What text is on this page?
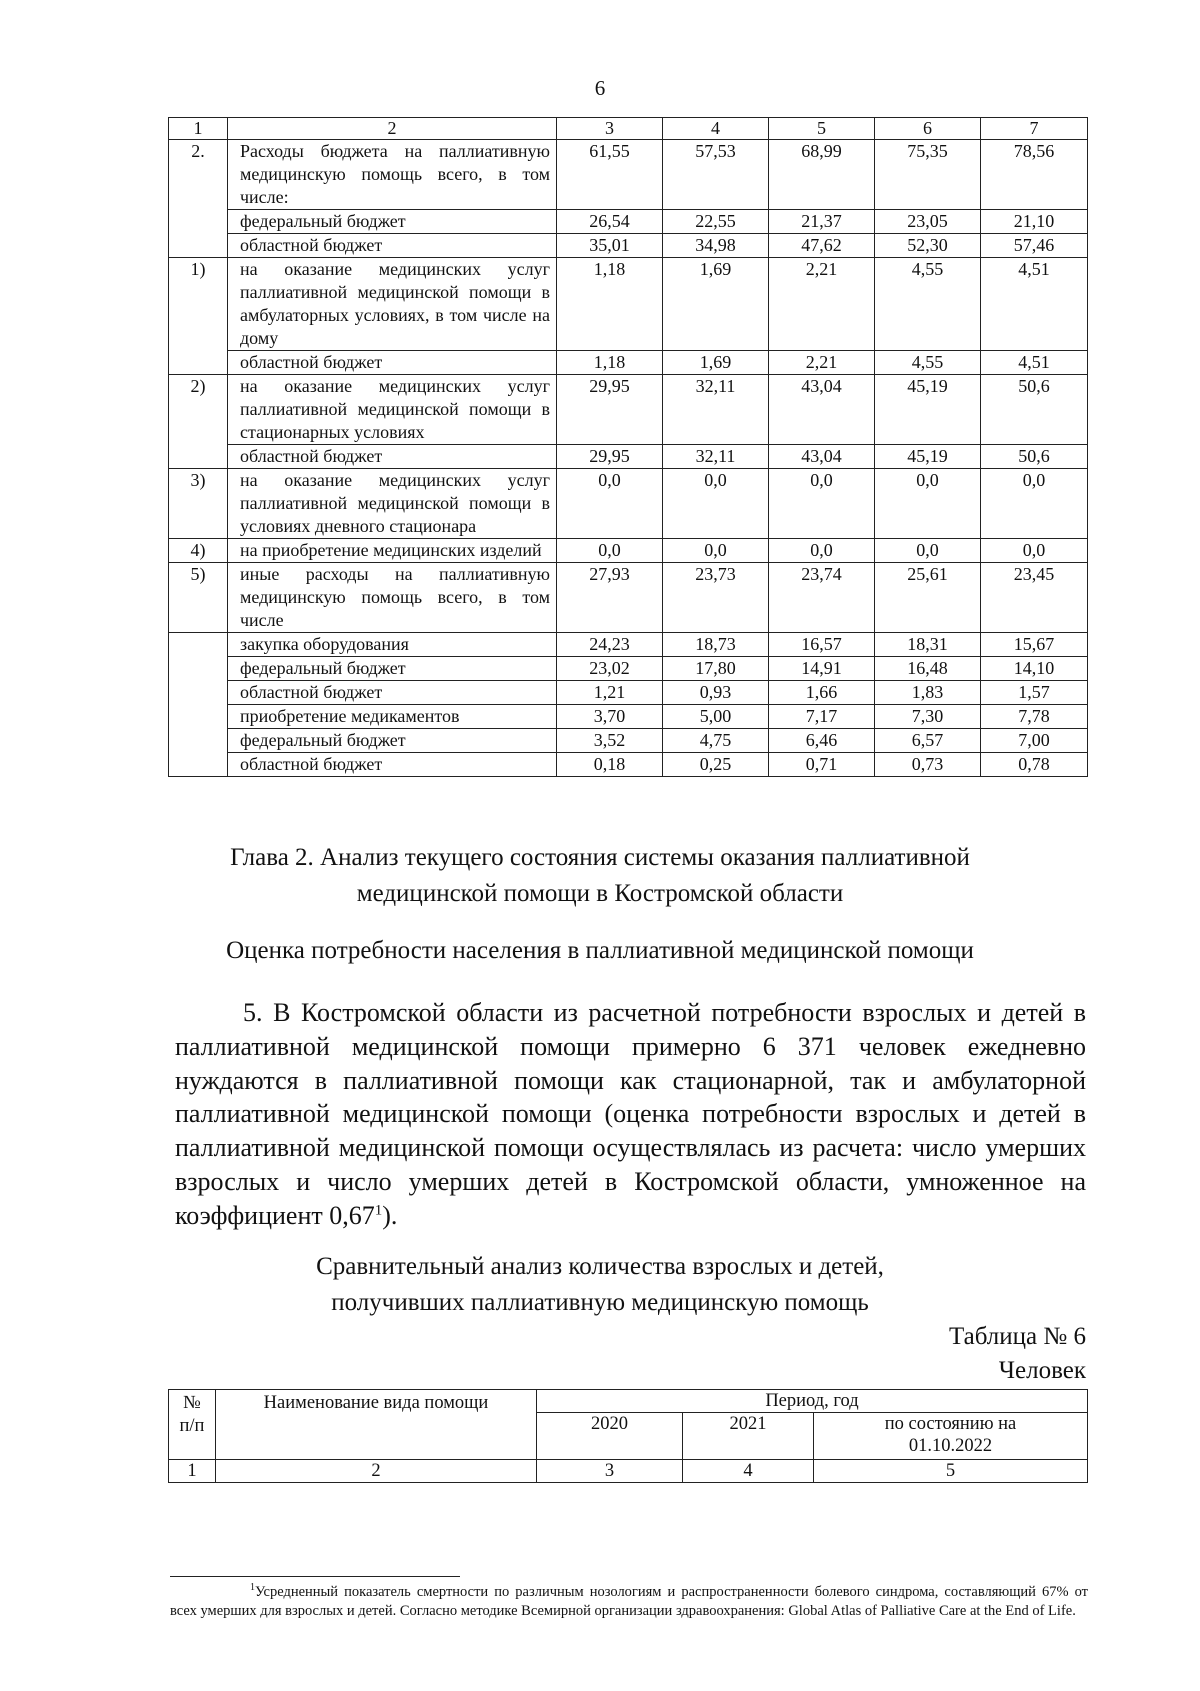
6
1	2	3	4	5	6	7
2.	Расходы бюджета на паллиативную медицинскую помощь всего, в том числе:	61,55	57,53	68,99	75,35	78,56
	федеральный бюджет	26,54	22,55	21,37	23,05	21,10
	областной бюджет	35,01	34,98	47,62	52,30	57,46
1)	на оказание медицинских услуг паллиативной медицинской помощи в амбулаторных условиях, в том числе на дому	1,18	1,69	2,21	4,55	4,51
	областной бюджет	1,18	1,69	2,21	4,55	4,51
2)	на оказание медицинских услуг паллиативной медицинской помощи в стационарных условиях	29,95	32,11	43,04	45,19	50,6
	областной бюджет	29,95	32,11	43,04	45,19	50,6
3)	на оказание медицинских услуг паллиативной медицинской помощи в условиях дневного стационара	0,0	0,0	0,0	0,0	0,0
4)	на приобретение медицинских изделий	0,0	0,0	0,0	0,0	0,0
5)	иные расходы на паллиативную медицинскую помощь всего, в том числе	27,93	23,73	23,74	25,61	23,45
	закупка оборудования	24,23	18,73	16,57	18,31	15,67
	федеральный бюджет	23,02	17,80	14,91	16,48	14,10
	областной бюджет	1,21	0,93	1,66	1,83	1,57
	приобретение медикаментов	3,70	5,00	7,17	7,30	7,78
	федеральный бюджет	3,52	4,75	6,46	6,57	7,00
	областной бюджет	0,18	0,25	0,71	0,73	0,78
Глава 2. Анализ текущего состояния системы оказания паллиативной
медицинской помощи в Костромской области
Оценка потребности населения в паллиативной медицинской помощи

5. В Костромской области из расчетной потребности взрослых и детей в паллиативной медицинской помощи примерно 6 371 человек ежедневно нуждаются в паллиативной помощи как стационарной, так и амбулаторной паллиативной медицинской помощи (оценка потребности взрослых и детей в паллиативной медицинской помощи осуществлялась из расчета: число умерших взрослых и число умерших детей в Костромской области, умноженное на коэффициент 0,67$^1$).

Сравнительный анализ количества взрослых и детей,
получивших паллиативную медицинскую помощь
Таблица № 6
Человек
№ п/п	Наименование вида помощи	Период, год		
		2020	2021	по состоянию на 01.10.2022
1	2	3	4	5

$^1$Усредненный показатель смертности по различным нозологиям и распространенности болевого синдрома, составляющий 67% от всех умерших для взрослых и детей. Согласно методике Всемирной организации здравоохранения: Global Atlas of Palliative Care at the End of Life.
